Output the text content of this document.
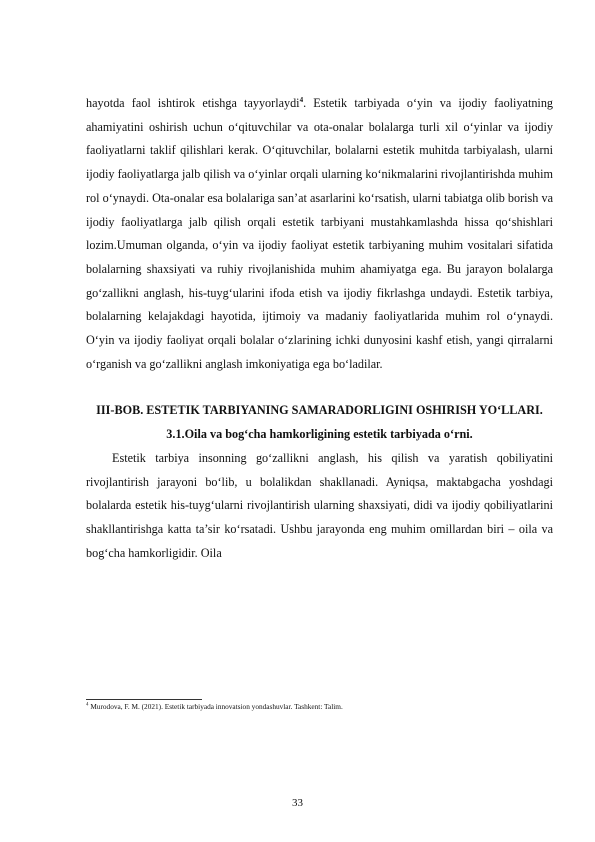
hayotda faol ishtirok etishga tayyorlaydi$^4$. Estetik tarbiyada o‘yin va ijodiy faoliyatning ahamiyatini oshirish uchun o‘qituvchilar va ota-onalar bolalarga turli xil o‘yinlar va ijodiy faoliyatlarni taklif qilishlari kerak. O‘qituvchilar, bolalarni estetik muhitda tarbiyalash, ularni ijodiy faoliyatlarga jalb qilish va o‘yinlar orqali ularning ko‘nikmalarini rivojlantirishda muhim rol o‘ynaydi. Ota-onalar esa bolalariga san’at asarlarini ko‘rsatish, ularni tabiatga olib borish va ijodiy faoliyatlarga jalb qilish orqali estetik tarbiyani mustahkamlashda hissa qo‘shishlari lozim.Umuman olganda, o‘yin va ijodiy faoliyat estetik tarbiyaning muhim vositalari sifatida bolalarning shaxsiyati va ruhiy rivojlanishida muhim ahamiyatga ega. Bu jarayon bolalarga go‘zallikni anglash, his-tuyg‘ularini ifoda etish va ijodiy fikrlashga undaydi. Estetik tarbiya, bolalarning kelajakdagi hayotida, ijtimoiy va madaniy faoliyatlarida muhim rol o‘ynaydi. O‘yin va ijodiy faoliyat orqali bolalar o‘zlarining ichki dunyosini kashf etish, yangi qirralarni o‘rganish va go‘zallikni anglash imkoniyatiga ega bo‘ladilar.

III-BOB. ESTETIK TARBIYANING SAMARADORLIGINI OSHIRISH YO‘LLARI.
3.1.Oila va bog‘cha hamkorligining estetik tarbiyada o‘rni.

Estetik tarbiya insonning go‘zallikni anglash, his qilish va yaratish qobiliyatini rivojlantirish jarayoni bo‘lib, u bolalikdan shakllanadi. Ayniqsa, maktabgacha yoshdagi bolalarda estetik his-tuyg‘ularni rivojlantirish ularning shaxsiyati, didi va ijodiy qobiliyatlarini shakllantirishga katta ta’sir ko‘rsatadi. Ushbu jarayonda eng muhim omillardan biri – oila va bog‘cha hamkorligidir. Oila

$^4$ Murodova, F. M. (2021). Estetik tarbiyada innovatsion yondashuvlar. Tashkent: Talim.
33
